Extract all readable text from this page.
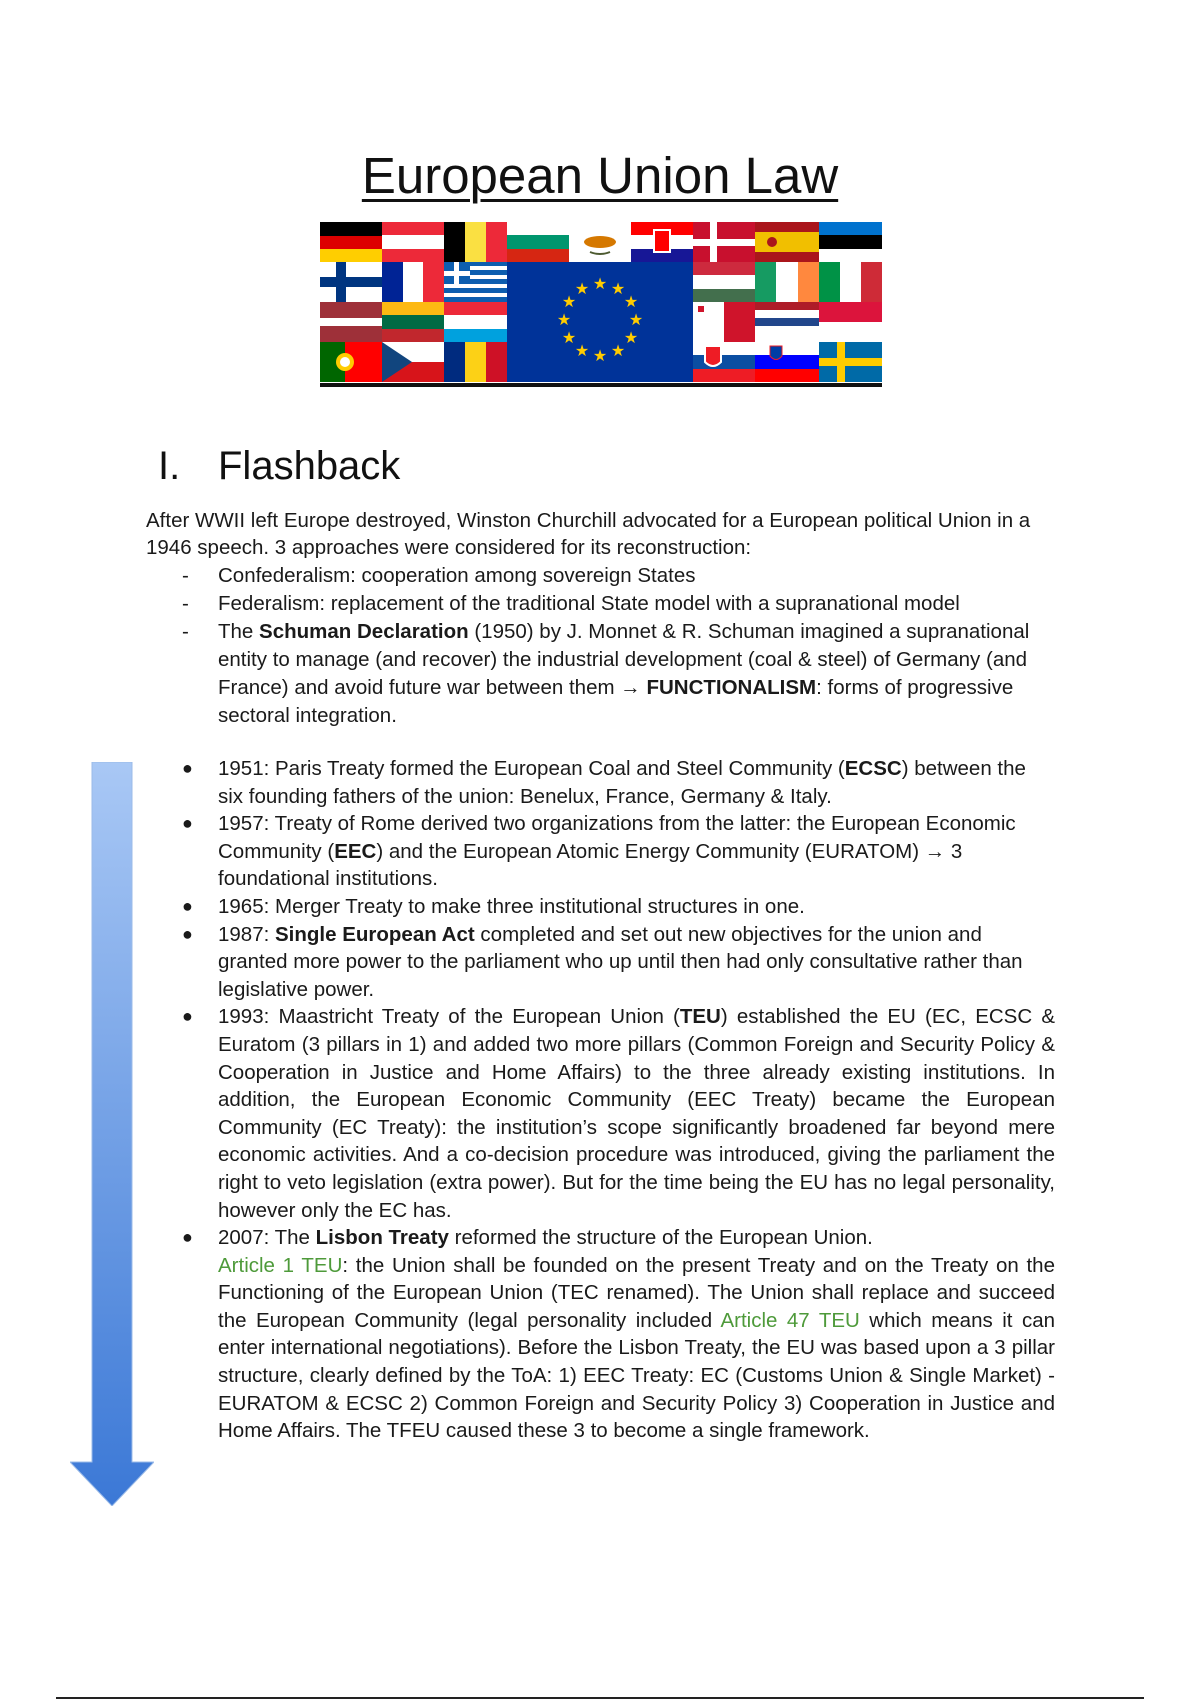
European Union Law
★ ★
★
★
★
★
★
★
★
★
★
★
I. Flashback

After WWII left Europe destroyed, Winston Churchill advocated for a European political Union in a 1946 speech. 3 approaches were considered for its reconstruction:

- Confederalism: cooperation among sovereign States
- Federalism: replacement of the traditional State model with a supranational model
- The Schuman Declaration (1950) by J. Monnet & R. Schuman imagined a supranational entity to manage (and recover) the industrial development (coal & steel) of Germany (and France) and avoid future war between them → FUNCTIONALISM: forms of progressive sectoral integration.
● 1951: Paris Treaty formed the European Coal and Steel Community (ECSC) between the six founding fathers of the union: Benelux, France, Germany & Italy.
● 1957: Treaty of Rome derived two organizations from the latter: the European Economic Community (EEC) and the European Atomic Energy Community (EURATOM) → 3 foundational institutions.
● 1965: Merger Treaty to make three institutional structures in one.
● 1987: Single European Act completed and set out new objectives for the union and granted more power to the parliament who up until then had only consultative rather than legislative power.
● 1993: Maastricht Treaty of the European Union (TEU) established the EU (EC, ECSC & Euratom (3 pillars in 1) and added two more pillars (Common Foreign and Security Policy & Cooperation in Justice and Home Affairs) to the three already existing institutions. In addition, the European Economic Community (EEC Treaty) became the European Community (EC Treaty): the institution’s scope significantly broadened far beyond mere economic activities. And a co-decision procedure was introduced, giving the parliament the right to veto legislation (extra power). But for the time being the EU has no legal personality, however only the EC has.
● 2007: The Lisbon Treaty reformed the structure of the European Union.
Article 1 TEU: the Union shall be founded on the present Treaty and on the Treaty on the Functioning of the European Union (TEC renamed). The Union shall replace and succeed the European Community (legal personality included Article 47 TEU which means it can enter international negotiations). Before the Lisbon Treaty, the EU was based upon a 3 pillar structure, clearly defined by the ToA: 1) EEC Treaty: EC (Customs Union & Single Market) - EURATOM & ECSC 2) Common Foreign and Security Policy 3) Cooperation in Justice and Home Affairs. The TFEU caused these 3 to become a single framework.
